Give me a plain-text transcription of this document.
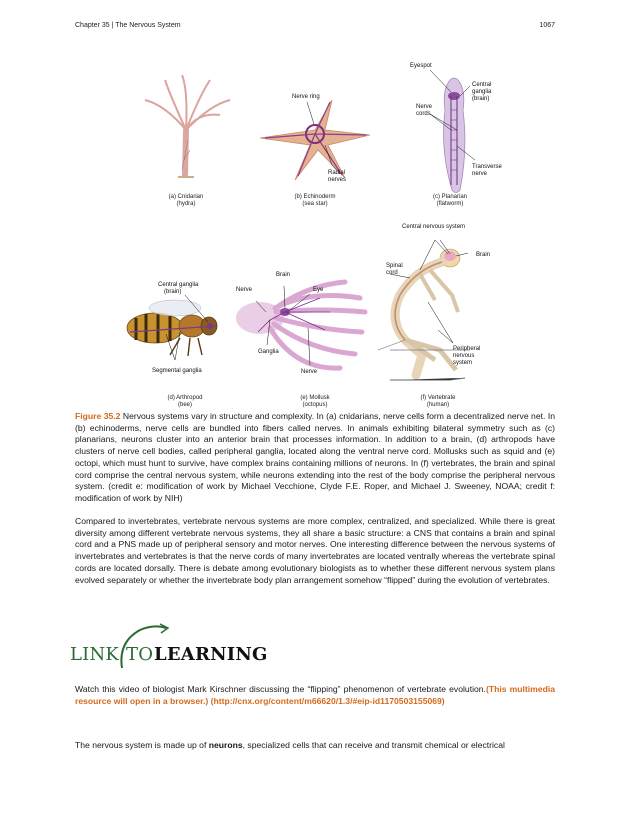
Chapter 35 | The Nervous System	1067
(a) Cnidarian
(hydra)
Nerve ring
Radial
nerves
(b) Echinoderm
(sea star)
Eyespot
Central
ganglia
(brain)
Nerve
cords
Transverse
nerve
(c) Planarian
(flatworm)
Central ganglia
(brain)
Segmental ganglia
(d) Arthropod
(bee)
Brain
Nerve	Eye
Ganglia
Nerve
(e) Mollusk
(octopus)
Central nervous system
Brain
Spinal
cord
Peripheral
nervous
system
(f) Vertebrate
(human)

Figure 35.2 Nervous systems vary in structure and complexity. In (a) cnidarians, nerve cells form a decentralized nerve net. In (b) echinoderms, nerve cells are bundled into fibers called nerves. In animals exhibiting bilateral symmetry such as (c) planarians, neurons cluster into an anterior brain that processes information. In addition to a brain, (d) arthropods have clusters of nerve cell bodies, called peripheral ganglia, located along the ventral nerve cord. Mollusks such as squid and (e) octopi, which must hunt to survive, have complex brains containing millions of neurons. In (f) vertebrates, the brain and spinal cord comprise the central nervous system, while neurons extending into the rest of the body comprise the peripheral nervous system. (credit e: modification of work by Michael Vecchione, Clyde F.E. Roper, and Michael J. Sweeney, NOAA; credit f: modification of work by NIH)

Compared to invertebrates, vertebrate nervous systems are more complex, centralized, and specialized. While there is great diversity among different vertebrate nervous systems, they all share a basic structure: a CNS that contains a brain and spinal cord and a PNS made up of peripheral sensory and motor nerves. One interesting difference between the nervous systems of invertebrates and vertebrates is that the nerve cords of many invertebrates are located ventrally whereas the vertebrate spinal cords are located dorsally. There is debate among evolutionary biologists as to whether these different nervous system plans evolved separately or whether the invertebrate body plan arrangement somehow “flipped” during the evolution of vertebrates.

LINK TO LEARNING

Watch this video of biologist Mark Kirschner discussing the “flipping” phenomenon of vertebrate evolution.(This multimedia resource will open in a browser.) (http://cnx.org/content/m66620/1.3/#eip-id1170503155069)

The nervous system is made up of neurons, specialized cells that can receive and transmit chemical or electrical
